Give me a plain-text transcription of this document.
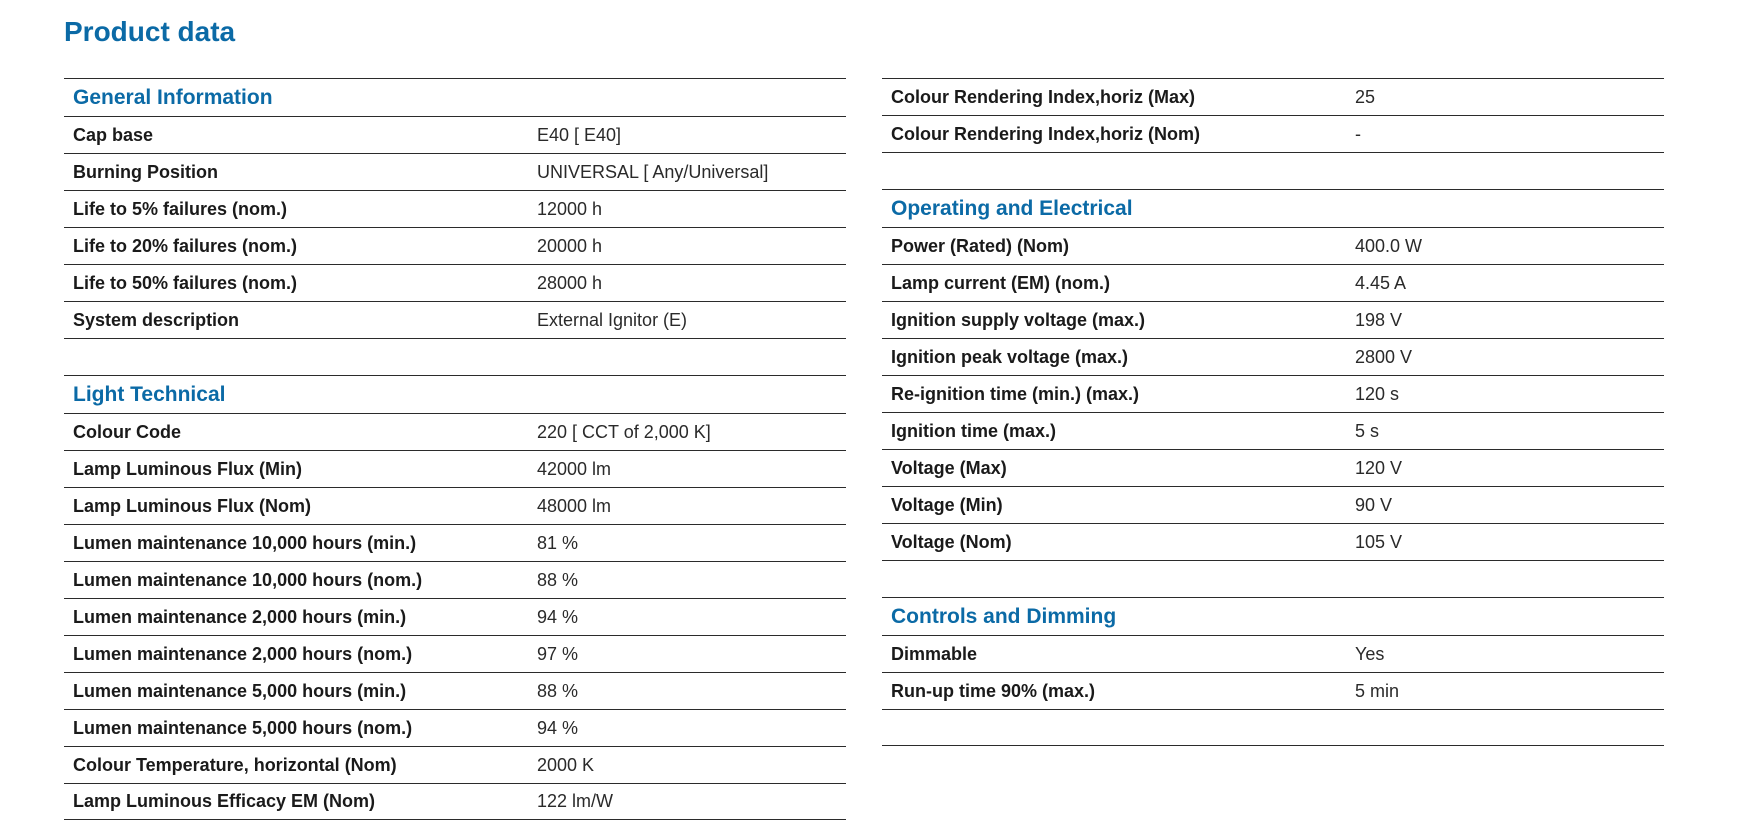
Product data
General Information
Cap base	E40 [ E40]
Burning Position	UNIVERSAL [ Any/Universal]
Life to 5% failures (nom.)	12000 h
Life to 20% failures (nom.)	20000 h
Life to 50% failures (nom.)	28000 h
System description	External Ignitor (E)
Light Technical
Colour Code	220 [ CCT of 2,000 K]
Lamp Luminous Flux (Min)	42000 lm
Lamp Luminous Flux (Nom)	48000 lm
Lumen maintenance 10,000 hours (min.)	81 %
Lumen maintenance 10,000 hours (nom.)	88 %
Lumen maintenance 2,000 hours (min.)	94 %
Lumen maintenance 2,000 hours (nom.)	97 %
Lumen maintenance 5,000 hours (min.)	88 %
Lumen maintenance 5,000 hours (nom.)	94 %
Colour Temperature, horizontal (Nom)	2000 K
Lamp Luminous Efficacy EM (Nom)	122 lm/W
Colour Rendering Index,horiz (Max)	25
Colour Rendering Index,horiz (Nom)	-
Operating and Electrical
Power (Rated) (Nom)	400.0 W
Lamp current (EM) (nom.)	4.45 A
Ignition supply voltage (max.)	198 V
Ignition peak voltage (max.)	2800 V
Re-ignition time (min.) (max.)	120 s
Ignition time (max.)	5 s
Voltage (Max)	120 V
Voltage (Min)	90 V
Voltage (Nom)	105 V
Controls and Dimming
Dimmable	Yes
Run-up time 90% (max.)	5 min
